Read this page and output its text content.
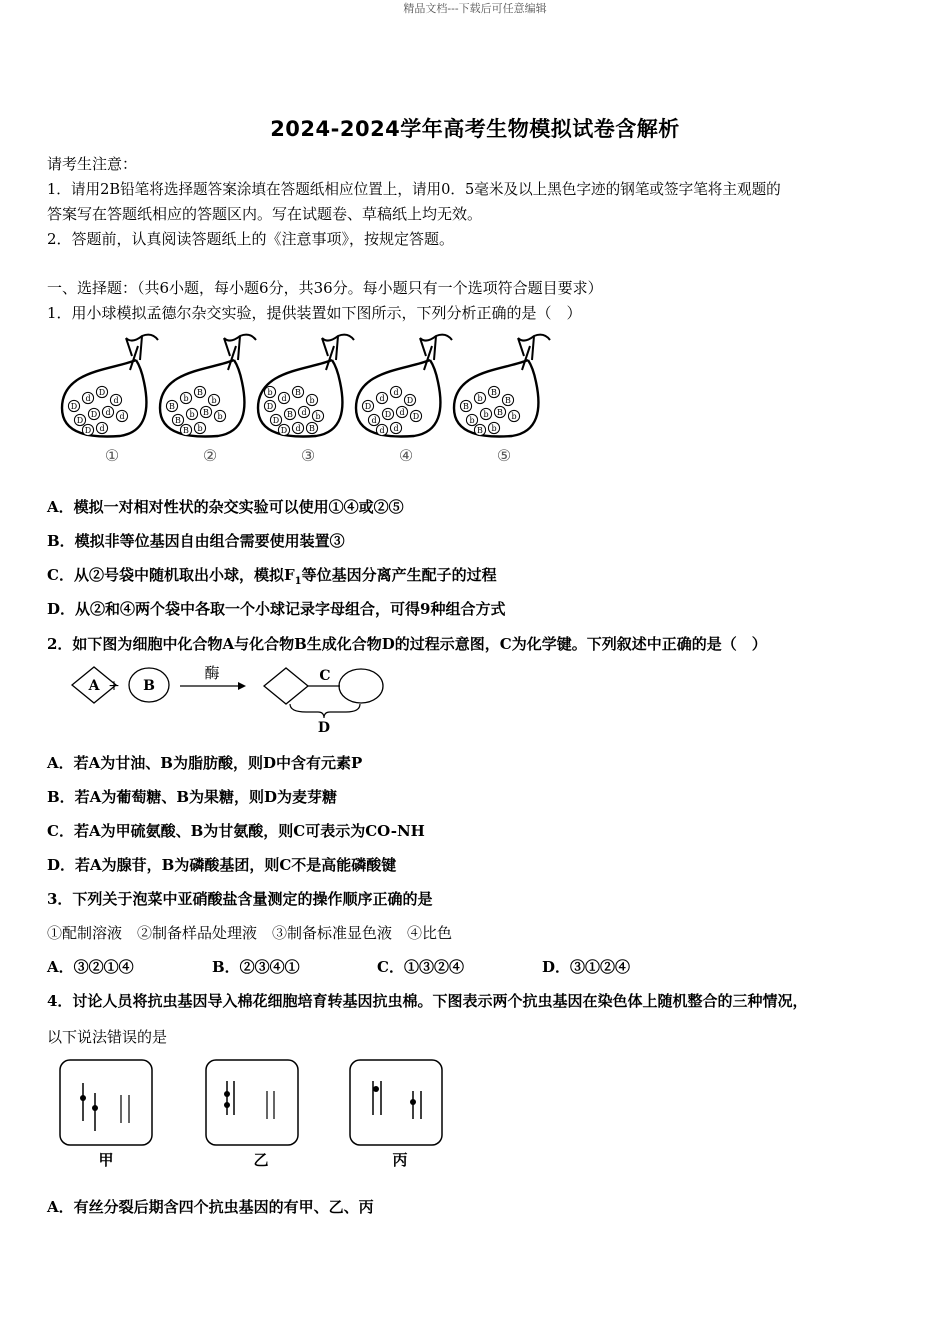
精品文档---下载后可任意编辑
2024-2024学年高考生物模拟试卷含解析
请考生注意：
1．请用2B铅笔将选择题答案涂填在答题纸相应位置上，请用0．5毫米及以上黑色字迹的钢笔或签字笔将主观题的
答案写在答题纸相应的答题区内。写在试题卷、草稿纸上均无效。
2．答题前，认真阅读答题纸上的《注意事项》，按规定答题。
一、选择题：（共6小题，每小题6分，共36分。每小题只有一个选项符合题目要求）
1．用小球模拟孟德尔杂交实验，提供装置如下图所示，下列分析正确的是（　）
D
d
D
d
D
D d d
D d
①
B
b
B
b
B
b B b
B b
②
D
d
B
b
D
B d b
D d B
b
③
D
d
d
D
d
D d D
d d
④
B
b
B
B
b
b B b
B b
⑤
A．模拟一对相对性状的杂交实验可以使用①④或②⑤
B．模拟非等位基因自由组合需要使用装置③
C．从②号袋中随机取出小球，模拟$F_1$等位基因分离产生配子的过程
D．从②和④两个袋中各取一个小球记录字母组合，可得9种组合方式
2．如下图为细胞中化合物A与化合物B生成化合物D的过程示意图，C为化学键。下列叙述中正确的是（　）
A + B
酶	C
D
A．若A为甘油、B为脂肪酸，则D中含有元素P
B．若A为葡萄糖、B为果糖，则D为麦芽糖
C．若A为甲硫氨酸、B为甘氨酸，则C可表示为CO-NH
D．若A为腺苷，B为磷酸基团，则C不是高能磷酸键
3．下列关于泡菜中亚硝酸盐含量测定的操作顺序正确的是
①配制溶液　②制备样品处理液　③制备标准显色液　④比色
A．③②①④	B．②③④①	C．①③②④	D．③①②④
4．讨论人员将抗虫基因导入棉花细胞培育转基因抗虫棉。下图表示两个抗虫基因在染色体上随机整合的三种情况，
以下说法错误的是
甲	乙	丙
A．有丝分裂后期含四个抗虫基因的有甲、乙、丙
